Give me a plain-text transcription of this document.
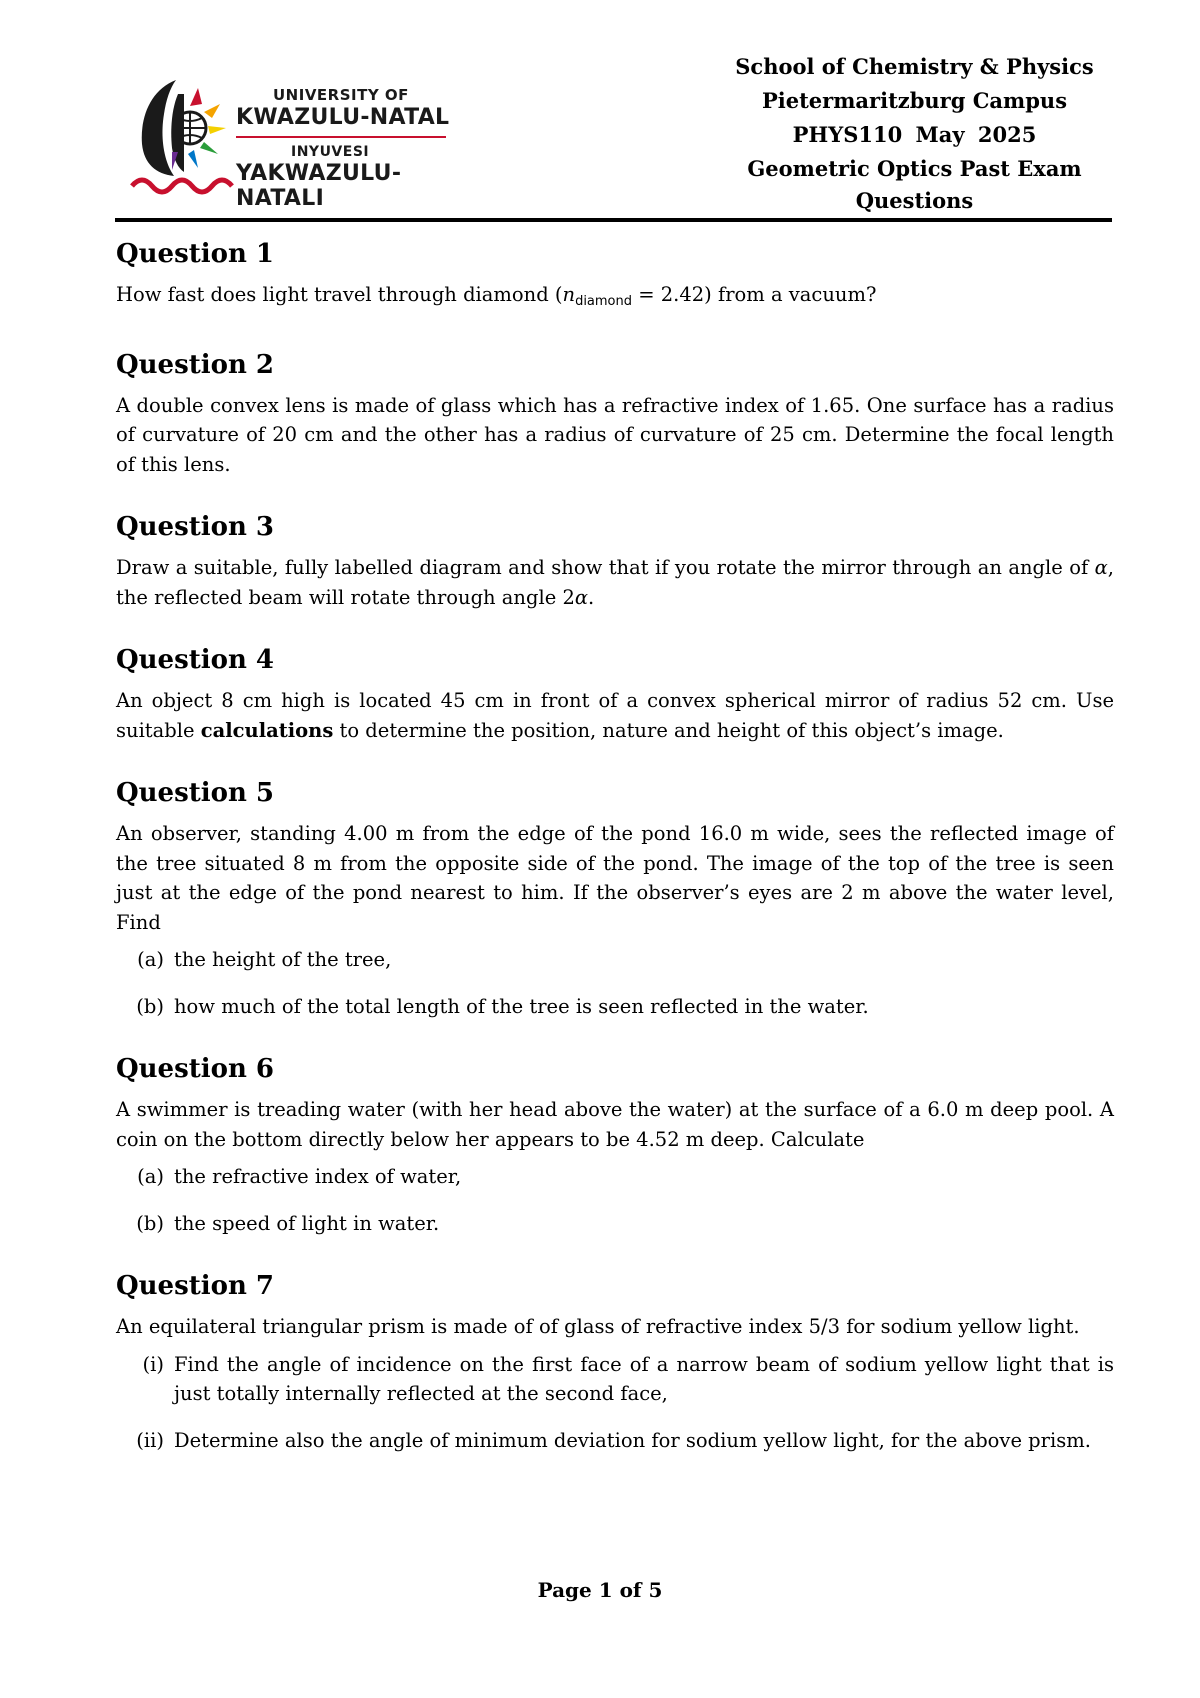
UNIVERSITY OF
KWAZULU-NATAL
INYUVESI
YAKWAZULU-NATALI
School of Chemistry & Physics
Pietermaritzburg Campus
PHYS110 May 2025
Geometric Optics Past Exam
Questions
Question 1

How fast does light travel through diamond $(n_{diamond} = 2.42)$ from a vacuum?

Question 2

A double convex lens is made of glass which has a refractive index of 1.65. One surface has a radius of curvature of 20 cm and the other has a radius of curvature of 25 cm. Determine the focal length of this lens.

Question 3

Draw a suitable, fully labelled diagram and show that if you rotate the mirror through an angle of α, the reflected beam will rotate through angle 2α.

Question 4

An object 8 cm high is located 45 cm in front of a convex spherical mirror of radius 52 cm. Use suitable calculations to determine the position, nature and height of this object’s image.

Question 5

An observer, standing 4.00 m from the edge of the pond 16.0 m wide, sees the reflected image of the tree situated 8 m from the opposite side of the pond. The image of the top of the tree is seen just at the edge of the pond nearest to him. If the observer’s eyes are 2 m above the water level, Find

(a) the height of the tree,
(b) how much of the total length of the tree is seen reflected in the water.
Question 6

A swimmer is treading water (with her head above the water) at the surface of a 6.0 m deep pool. A coin on the bottom directly below her appears to be 4.52 m deep. Calculate

(a) the refractive index of water,
(b) the speed of light in water.
Question 7

An equilateral triangular prism is made of of glass of refractive index 5/3 for sodium yellow light.

(i) Find the angle of incidence on the first face of a narrow beam of sodium yellow light that is just totally internally reflected at the second face,
(ii) Determine also the angle of minimum deviation for sodium yellow light, for the above prism.
Page 1 of 5
